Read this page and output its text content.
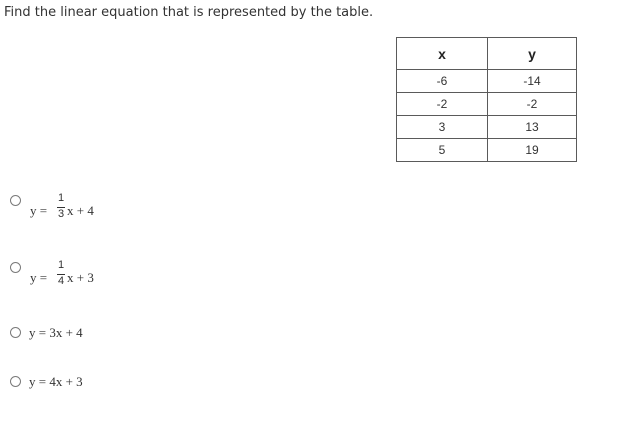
Find the linear equation that is represented by the table.
x	y
-6	-14
-2	-2
3	13
5	19
y =
1
3 x + 4
y =
1
4 x + 3
y = 3x + 4
y = 4x + 3
